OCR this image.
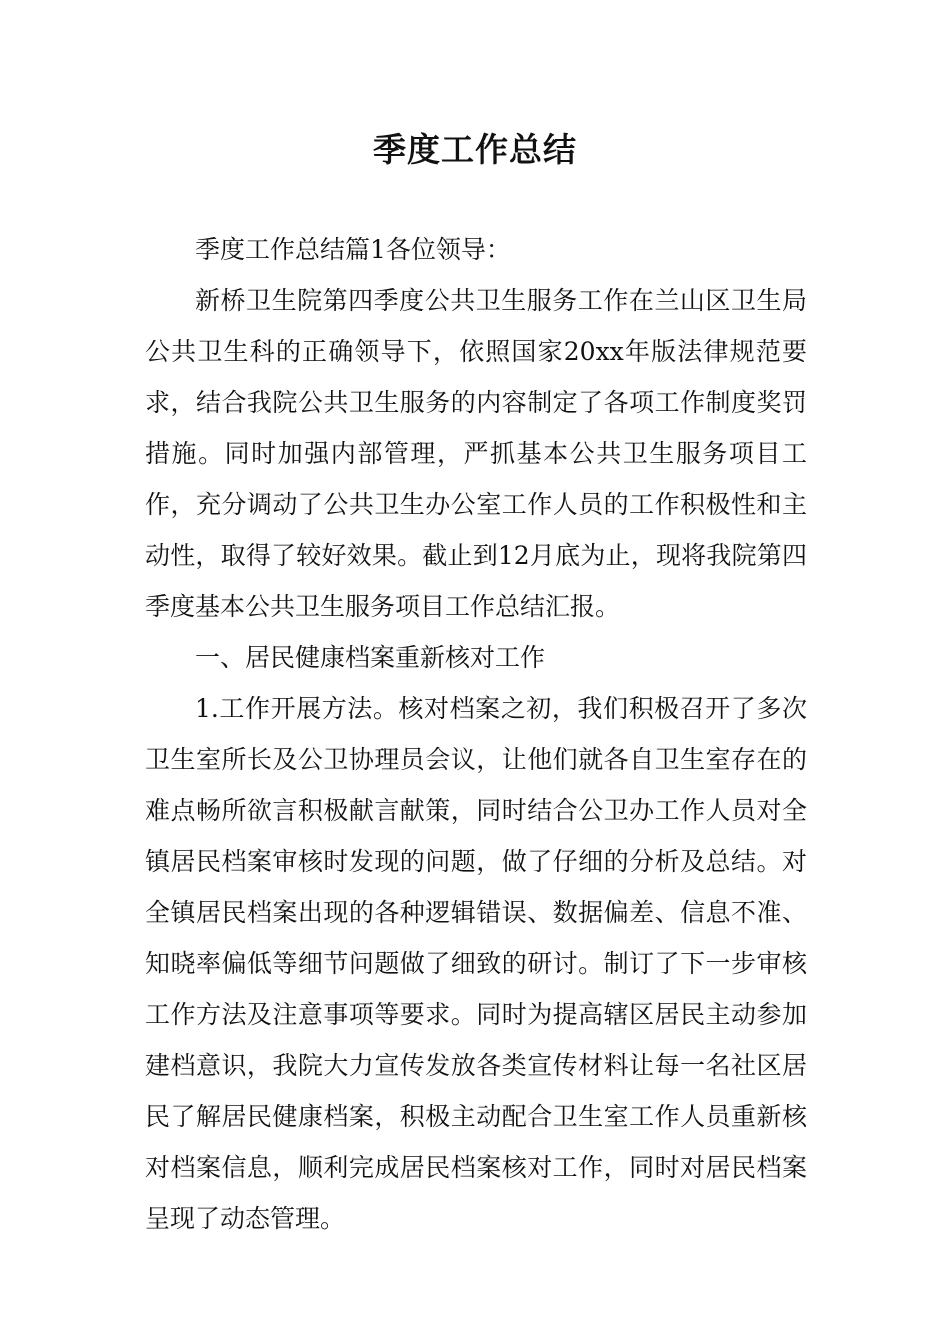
季度工作总结

季度工作总结篇1各位领导：

新桥卫生院第四季度公共卫生服务工作在兰山区卫生局公共卫生科的正确领导下，依照国家20xx年版法律规范要求，结合我院公共卫生服务的内容制定了各项工作制度奖罚措施。同时加强内部管理，严抓基本公共卫生服务项目工作，充分调动了公共卫生办公室工作人员的工作积极性和主动性，取得了较好效果。截止到12月底为止，现将我院第四季度基本公共卫生服务项目工作总结汇报。

一、居民健康档案重新核对工作

1.工作开展方法。核对档案之初，我们积极召开了多次卫生室所长及公卫协理员会议，让他们就各自卫生室存在的难点畅所欲言积极献言献策，同时结合公卫办工作人员对全镇居民档案审核时发现的问题，做了仔细的分析及总结。对全镇居民档案出现的各种逻辑错误、数据偏差、信息不准、知晓率偏低等细节问题做了细致的研讨。制订了下一步审核工作方法及注意事项等要求。同时为提高辖区居民主动参加建档意识，我院大力宣传发放各类宣传材料让每一名社区居民了解居民健康档案，积极主动配合卫生室工作人员重新核对档案信息，顺利完成居民档案核对工作，同时对居民档案呈现了动态管理。
